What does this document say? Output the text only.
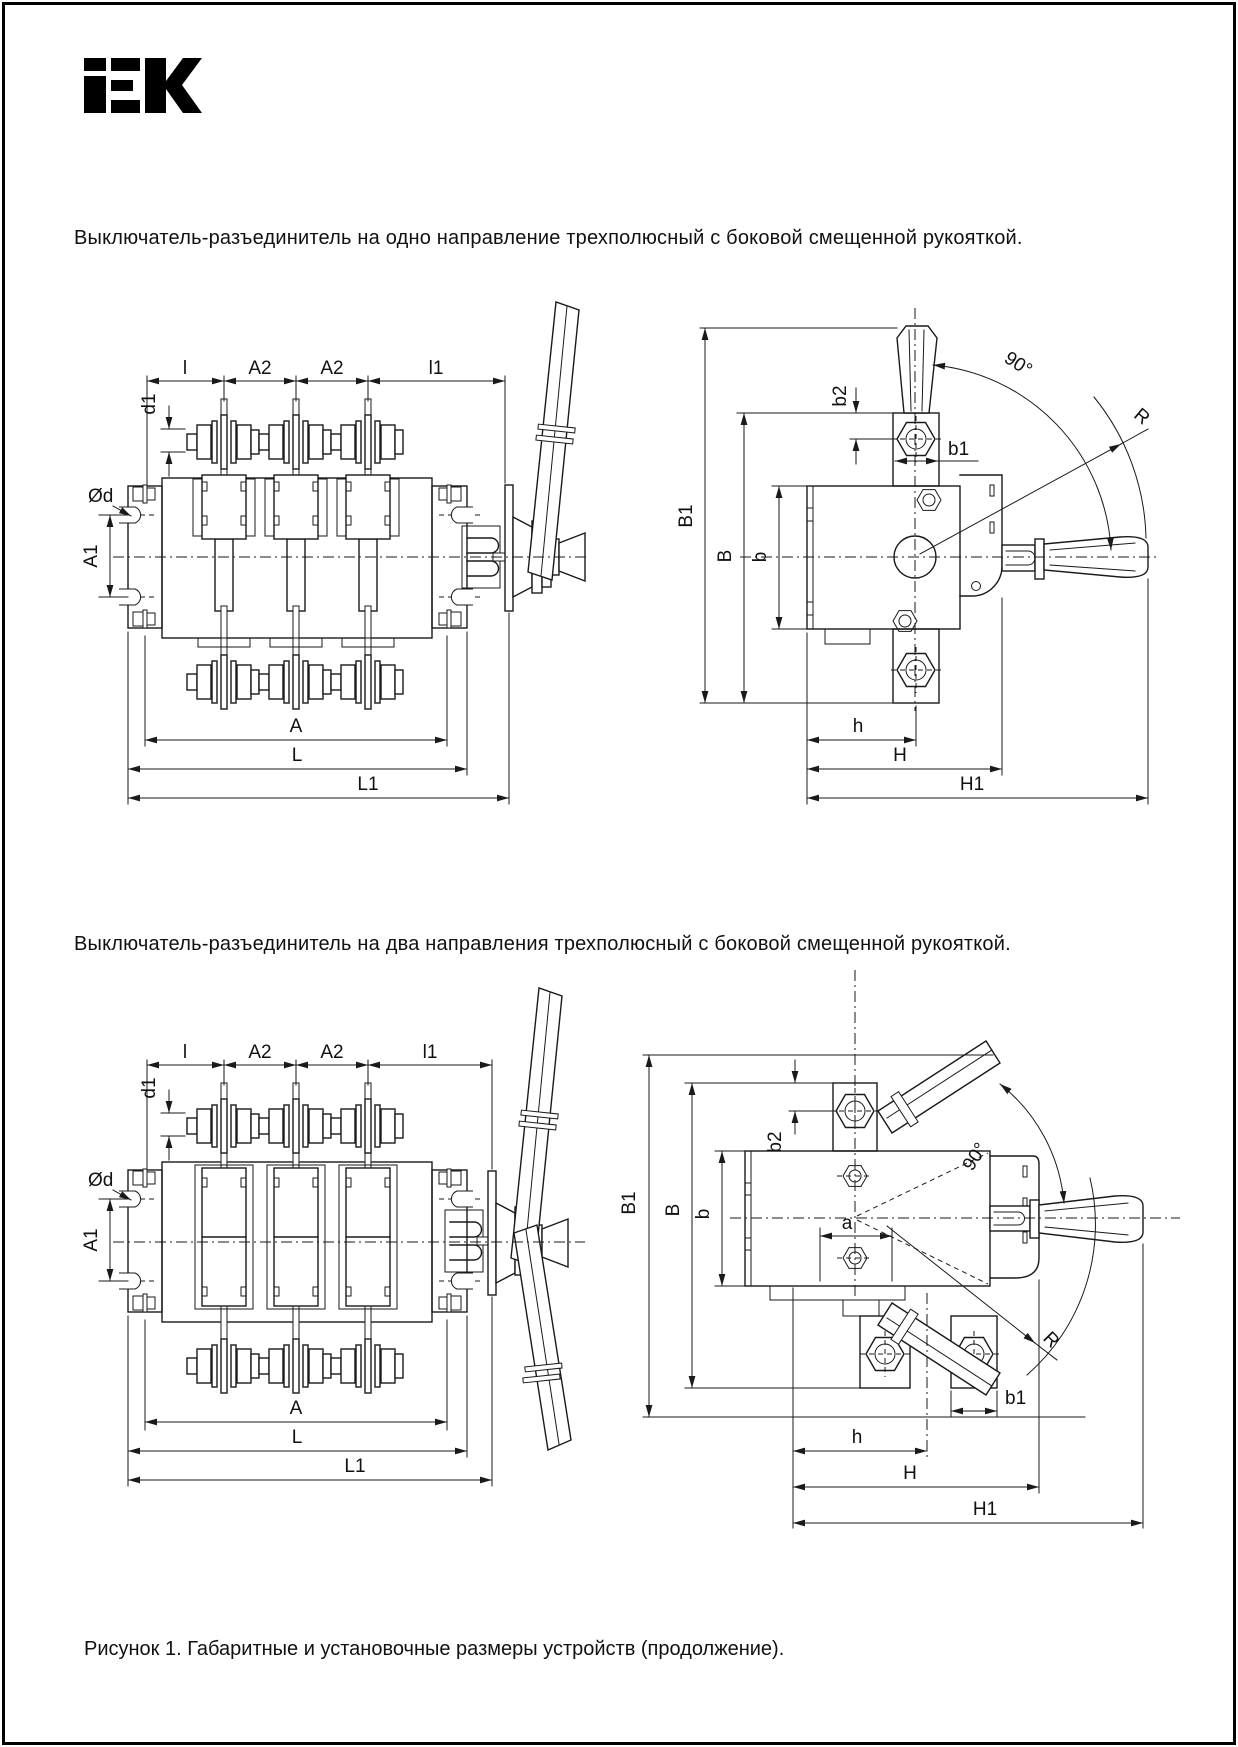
Выключатель-разъединитель на одно направление трехполюсный с боковой смещенной рукояткой.
l	A2	A2	l1
d1
Ød
A1
A
L
L1
90°
R
b2
b1
B1
B b
h
H
H1
Выключатель-разъединитель на два направления трехполюсный с боковой смещенной рукояткой.
l	A2	A2	l1
d1
Ød
A1
A
L
L1
90°
R
b2
a
B1 B b
b1
h
H
H1
Рисунок 1. Габаритные и установочные размеры устройств (продолжение).
